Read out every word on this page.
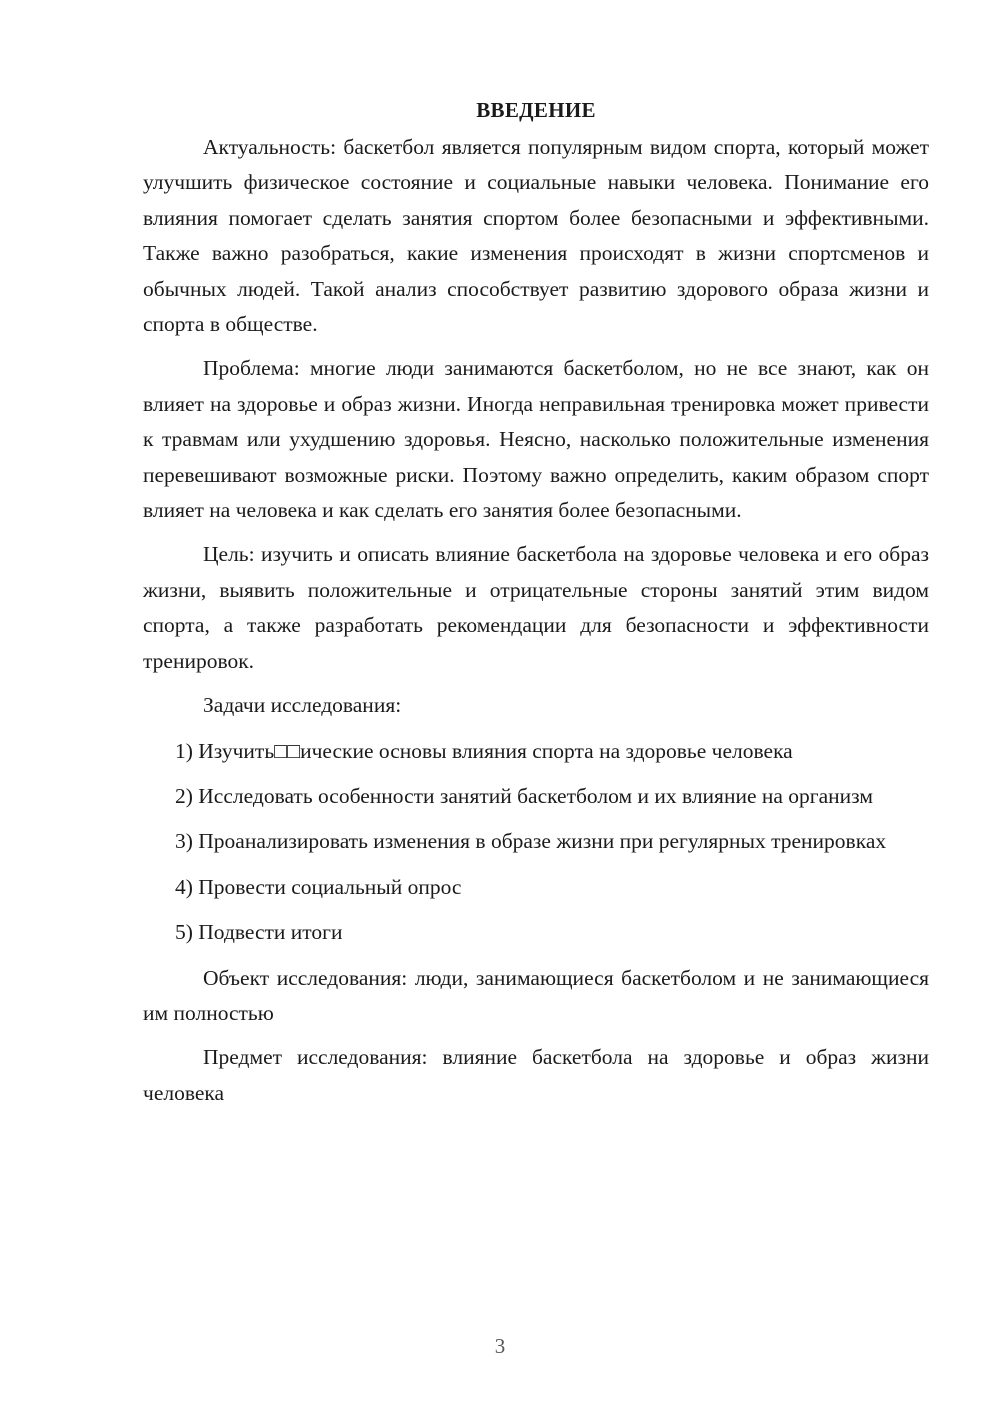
ВВЕДЕНИЕ

Актуальность: баскетбол является популярным видом спорта, который может улучшить физическое состояние и социальные навыки человека. Понимание его влияния помогает сделать занятия спортом более безопасными и эффективными. Также важно разобраться, какие изменения происходят в жизни спортсменов и обычных людей. Такой анализ способствует развитию здорового образа жизни и спорта в обществе.

Проблема: многие люди занимаются баскетболом, но не все знают, как он влияет на здоровье и образ жизни. Иногда неправильная тренировка может привести к травмам или ухудшению здоровья. Неясно, насколько положительные изменения перевешивают возможные риски. Поэтому важно определить, каким образом спорт влияет на человека и как сделать его занятия более безопасными.

Цель: изучить и описать влияние баскетбола на здоровье человека и его образ жизни, выявить положительные и отрицательные стороны занятий этим видом спорта, а также разработать рекомендации для безопасности и эффективности тренировок.

Задачи исследования:

1) Изучить□□ические основы влияния спорта на здоровье человека

2) Исследовать особенности занятий баскетболом и их влияние на организм

3) Проанализировать изменения в образе жизни при регулярных тренировках

4) Провести социальный опрос

5) Подвести итоги

Объект исследования: люди, занимающиеся баскетболом и не занимающиеся им полностью

Предмет исследования: влияние баскетбола на здоровье и образ жизни человека

3
